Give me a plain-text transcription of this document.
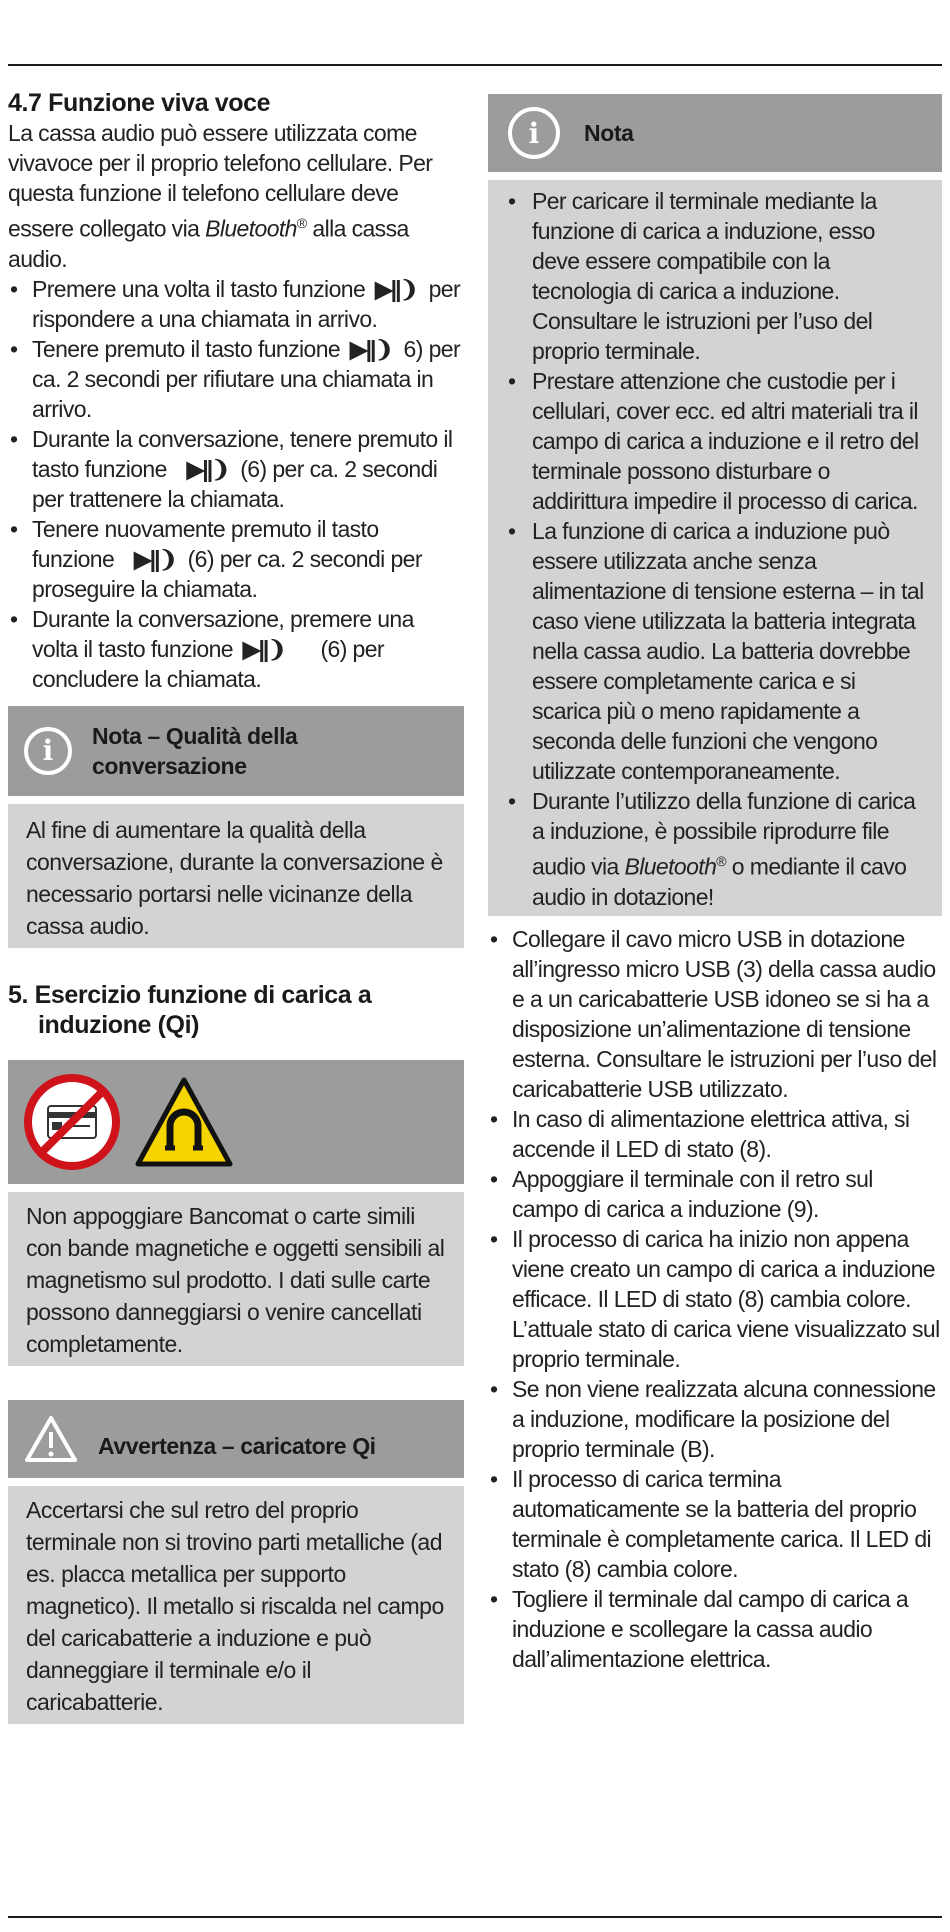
4.7 Funzione viva voce

La cassa audio può essere utilizzata come vivavoce per il proprio telefono cellulare. Per questa funzione il telefono cellulare deve essere collegato via Bluetooth® alla cassa audio.

• Premere una volta il tasto funzione ▶||❩ per rispondere a una chiamata in arrivo.
• Tenere premuto il tasto funzione ▶||❩ 6) per ca. 2 secondi per rifiutare una chiamata in arrivo.
• Durante la conversazione, tenere premuto il tasto funzione ▶||❩ (6) per ca. 2 secondi per trattenere la chiamata.
• Tenere nuovamente premuto il tasto funzione ▶||❩ (6) per ca. 2 secondi per proseguire la chiamata.
• Durante la conversazione, premere una volta il tasto funzione ▶||❩ (6) per concludere la chiamata.
i Nota – Qualità della conversazione
Al fine di aumentare la qualità della conversazione, durante la conversazione è necessario portarsi nelle vicinanze della cassa audio.
5. Esercizio funzione di carica a induzione (Qi)
Non appoggiare Bancomat o carte simili con bande magnetiche e oggetti sensibili al magnetismo sul prodotto. I dati sulle carte possono danneggiarsi o venire cancellati completamente.
Avvertenza – caricatore Qi
Accertarsi che sul retro del proprio terminale non si trovino parti metalliche (ad es. placca metallica per supporto magnetico). Il metallo si riscalda nel campo del caricabatterie a induzione e può danneggiare il terminale e/o il caricabatterie.
i Nota
• Per caricare il terminale mediante la funzione di carica a induzione, esso deve essere compatibile con la tecnologia di carica a induzione. Consultare le istruzioni per l’uso del proprio terminale.
• Prestare attenzione che custodie per i cellulari, cover ecc. ed altri materiali tra il campo di carica a induzione e il retro del terminale possono disturbare o addirittura impedire il processo di carica.
• La funzione di carica a induzione può essere utilizzata anche senza alimentazione di tensione esterna – in tal caso viene utilizzata la batteria integrata nella cassa audio. La batteria dovrebbe essere completamente carica e si scarica più o meno rapidamente a seconda delle funzioni che vengono utilizzate contemporaneamente.
• Durante l’utilizzo della funzione di carica a induzione, è possibile riprodurre file audio via Bluetooth® o mediante il cavo audio in dotazione!
• Collegare il cavo micro USB in dotazione all’ingresso micro USB (3) della cassa audio e a un caricabatterie USB idoneo se si ha a disposizione un’alimentazione di tensione esterna. Consultare le istruzioni per l’uso del caricabatterie USB utilizzato.
• In caso di alimentazione elettrica attiva, si accende il LED di stato (8).
• Appoggiare il terminale con il retro sul campo di carica a induzione (9).
• Il processo di carica ha inizio non appena viene creato un campo di carica a induzione efficace. Il LED di stato (8) cambia colore. L’attuale stato di carica viene visualizzato sul proprio terminale.
• Se non viene realizzata alcuna connessione a induzione, modificare la posizione del proprio terminale (B).
• Il processo di carica termina automaticamente se la batteria del proprio terminale è completamente carica. Il LED di stato (8) cambia colore.
• Togliere il terminale dal campo di carica a induzione e scollegare la cassa audio dall’alimentazione elettrica.
